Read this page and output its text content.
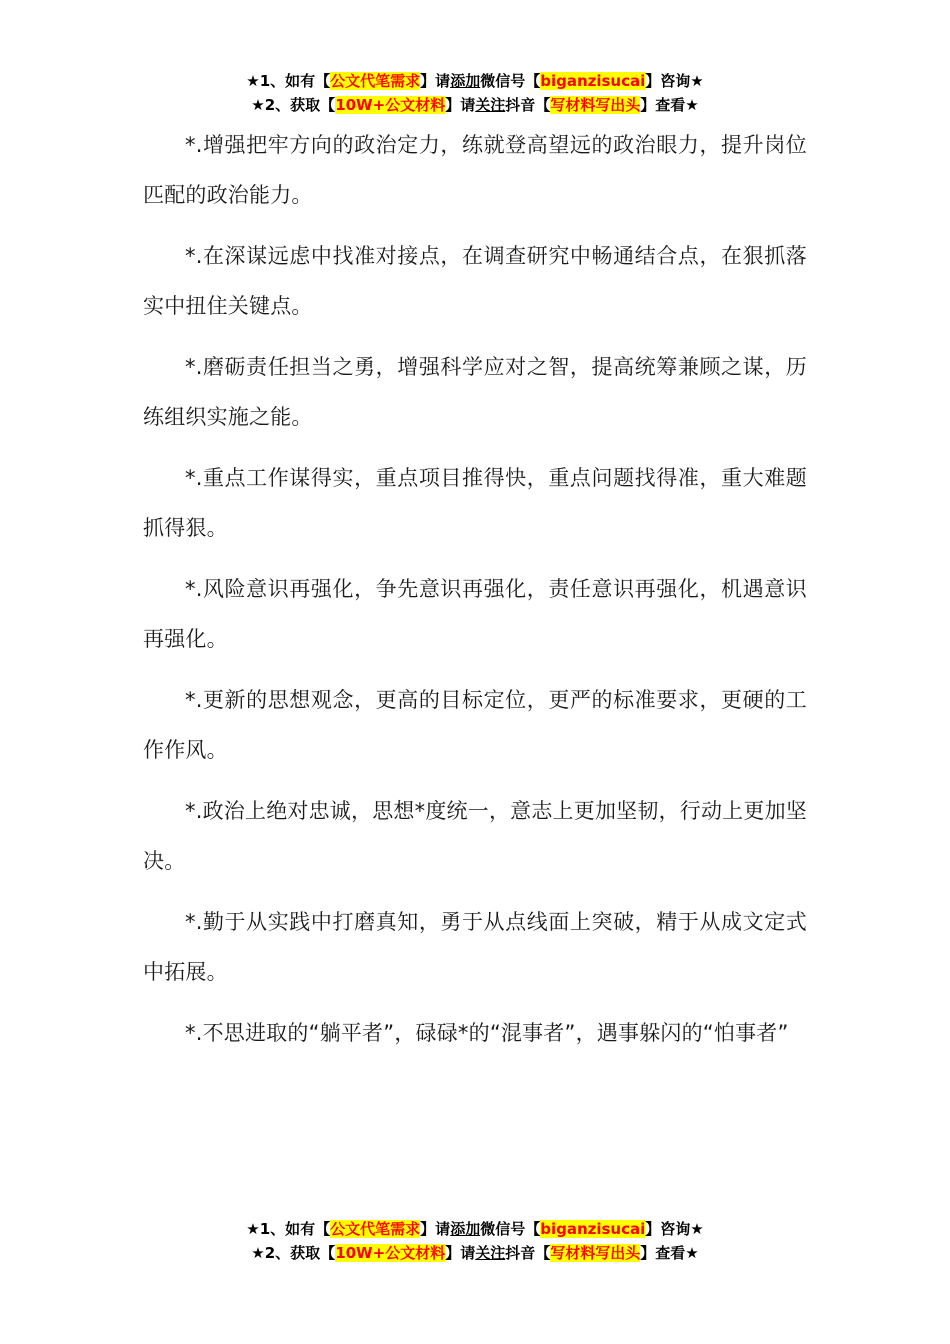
★1、如有【公文代笔需求】请添加微信号【biganzisucai】咨询★
★2、获取【10W+公文材料】请关注抖音【写材料写出头】查看★

*.增强把牢方向的政治定力，练就登高望远的政治眼力，提升岗位匹配的政治能力。

*.在深谋远虑中找准对接点，在调查研究中畅通结合点，在狠抓落实中扭住关键点。

*.磨砺责任担当之勇，增强科学应对之智，提高统筹兼顾之谋，历练组织实施之能。

*.重点工作谋得实，重点项目推得快，重点问题找得准，重大难题抓得狠。

*.风险意识再强化，争先意识再强化，责任意识再强化，机遇意识再强化。

*.更新的思想观念，更高的目标定位，更严的标准要求，更硬的工作作风。

*.政治上绝对忠诚，思想*度统一，意志上更加坚韧，行动上更加坚决。

*.勤于从实践中打磨真知，勇于从点线面上突破，精于从成文定式中拓展。

*.不思进取的“躺平者”，碌碌*的“混事者”，遇事躲闪的“怕事者”

★1、如有【公文代笔需求】请添加微信号【biganzisucai】咨询★
★2、获取【10W+公文材料】请关注抖音【写材料写出头】查看★
